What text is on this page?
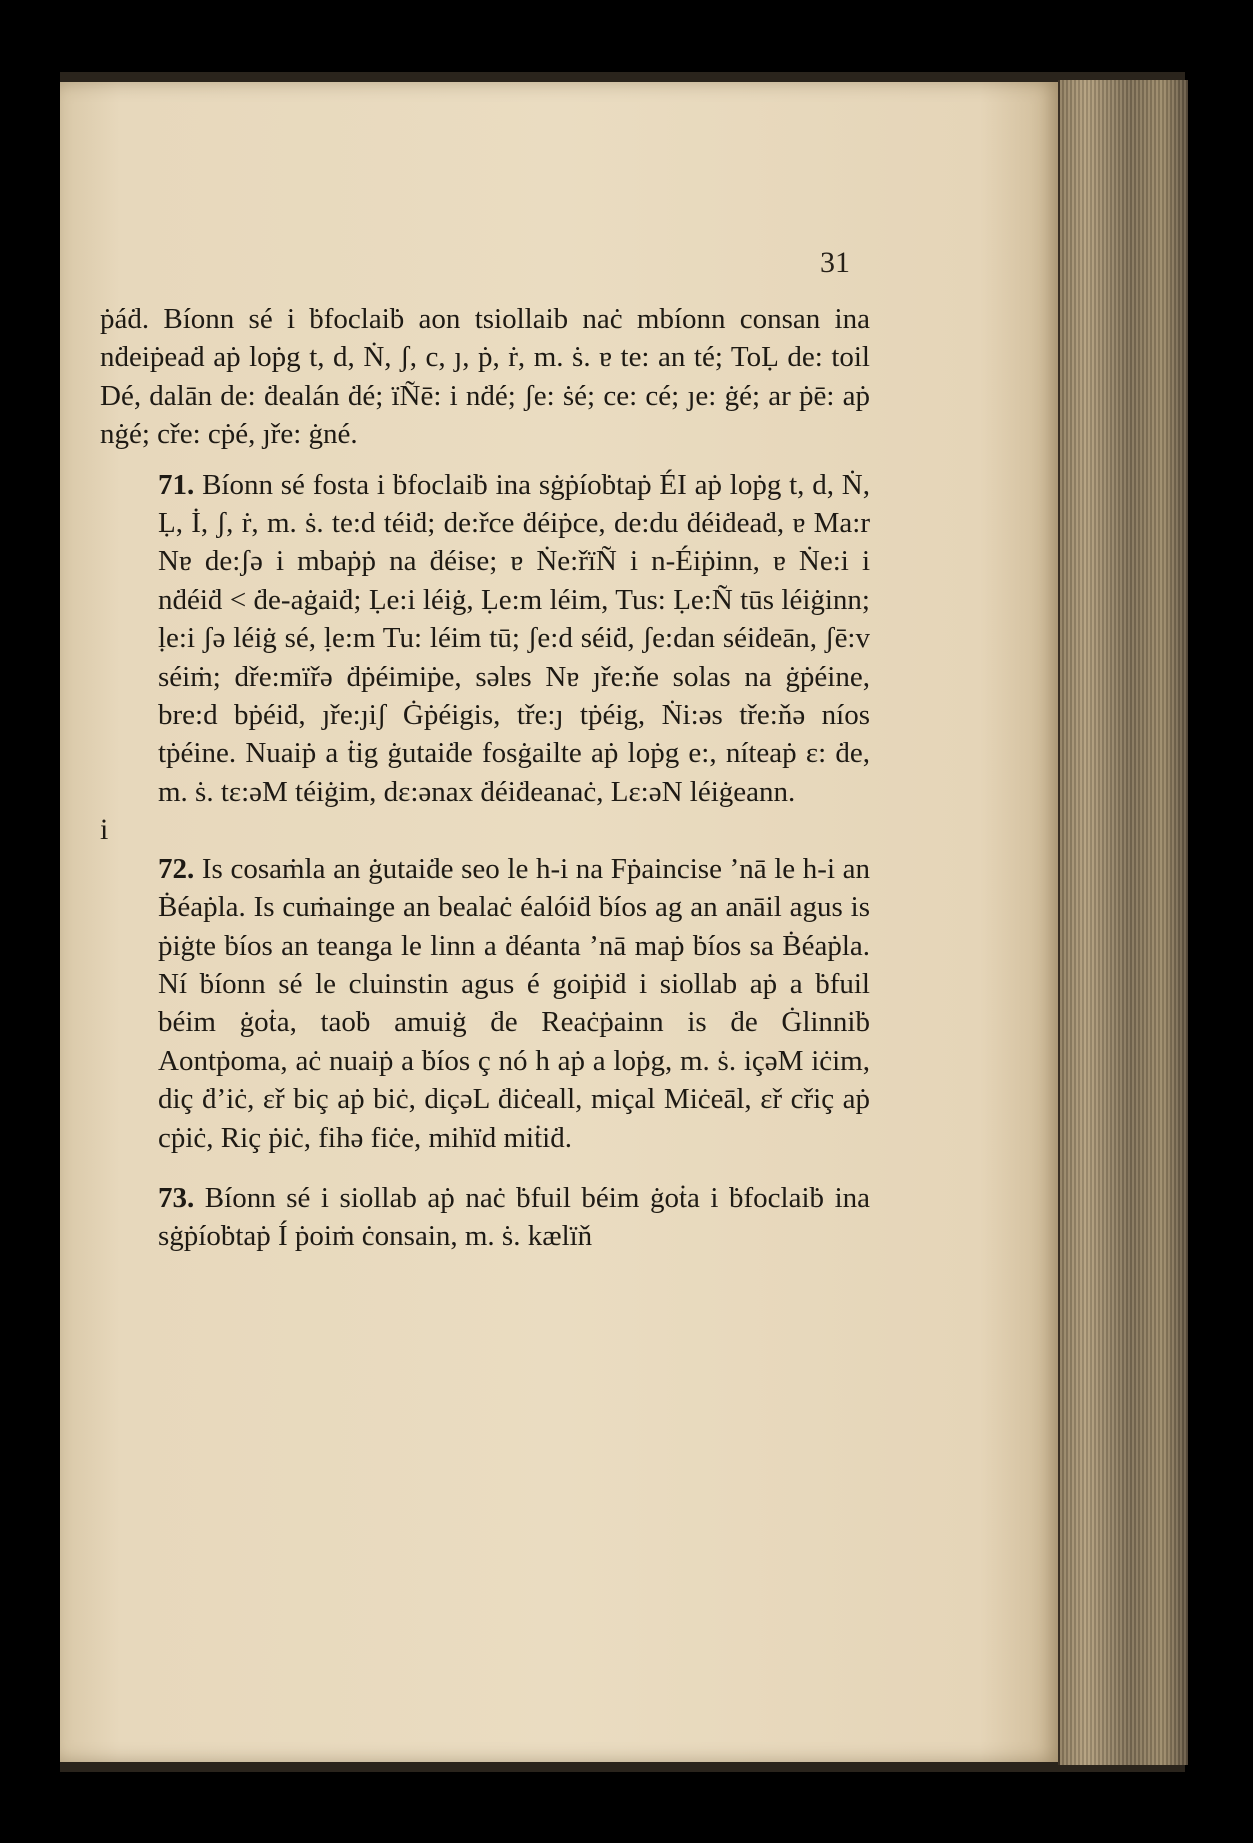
31

ṗáḋ. Bíonn sé i ḃfoclaiḃ aon tsiollaib naċ mbíonn consan ina nḋeiṗeaḋ aṗ loṗg t, d, Ṅ, ʃ, c, ȷ, ṗ, ṙ, m. ṡ. ɐ te: an té; ToḶ de: toil Dé, dalān de: ḋealán ḋé; ïÑē: i nḋé; ʃe: ṡé; ce: cé; ȷe: ġé; ar ṗē: aṗ nġé; cře: cṗé, ȷře: ġné.

71. Bíonn sé fosta i ḃfoclaiḃ ina sġṗíoḃtaṗ ÉI aṗ loṗg t, d, Ṅ, Ḷ, İ, ʃ, ṙ, m. ṡ. te:d téiḋ; de:řce ḋéiṗce, de:du ḋéiḋeaḋ, ɐ Ma:r Nɐ de:ʃə i mbaṗṗ na ḋéise; ɐ Ṅe:řïÑ i n-Éiṗinn, ɐ Ṅe:i i nḋéiḋ < ḋe-aġaiḋ; Ḷe:i léiġ, Ḷe:m léim, Tus: Ḷe:Ñ tūs léiġinn; ḷe:i ʃə léiġ sé, ḷe:m Tu: léim tū; ʃe:d séiḋ, ʃe:dan séiḋeān, ʃē:v séiṁ; dře:mïřə ḋṗéimiṗe, səlɐs Nɐ ȷře:ňe solas na ġṗéine, bre:d bṗéiḋ, ȷře:ȷiʃ Ġṗéigis, tře:ȷ tṗéig, Ṅi:əs tře:ňə níos tṗéine. Nuaiṗ a ṫig ġutaiḋe fosġailte aṗ loṗg e:, níteaṗ ɛ: ḋe, m. ṡ. tɛ:əM téiġim, dɛ:ənax ḋéiḋeanaċ, Lɛ:əN léiġeann.

i

72. Is cosaṁla an ġutaiḋe seo le h-i na Fṗaincise ’nā le h-i an Ḃéaṗla. Is cuṁainge an bealaċ éalóiḋ ḃíos ag an anāil agus is ṗiġte ḃíos an teanga le linn a ḋéanta ’nā maṗ ḃíos sa Ḃéaṗla. Ní ḃíonn sé le cluinstin agus é goiṗiḋ i siollab aṗ a ḃfuil béim ġoṫa, taoḃ amuiġ ḋe Reaċṗainn is ḋe Ġlinniḃ Aontṗoma, aċ nuaiṗ a ḃíos ç nó h aṗ a loṗg, m. ṡ. içəM iċim, diç ḋ’iċ, ɛř biç aṗ biċ, diçəL ḋiċeall, miçal Miċeāl, ɛř cřiç aṗ cṗiċ, Riç ṗiċ, fihə fiċe, mihïd miṫiḋ.

73. Bíonn sé i siollab aṗ naċ ḃfuil béim ġoṫa i ḃfoclaiḃ ina sġṗíoḃtaṗ Í ṗoiṁ ċonsain, m. ṡ. kælïň
